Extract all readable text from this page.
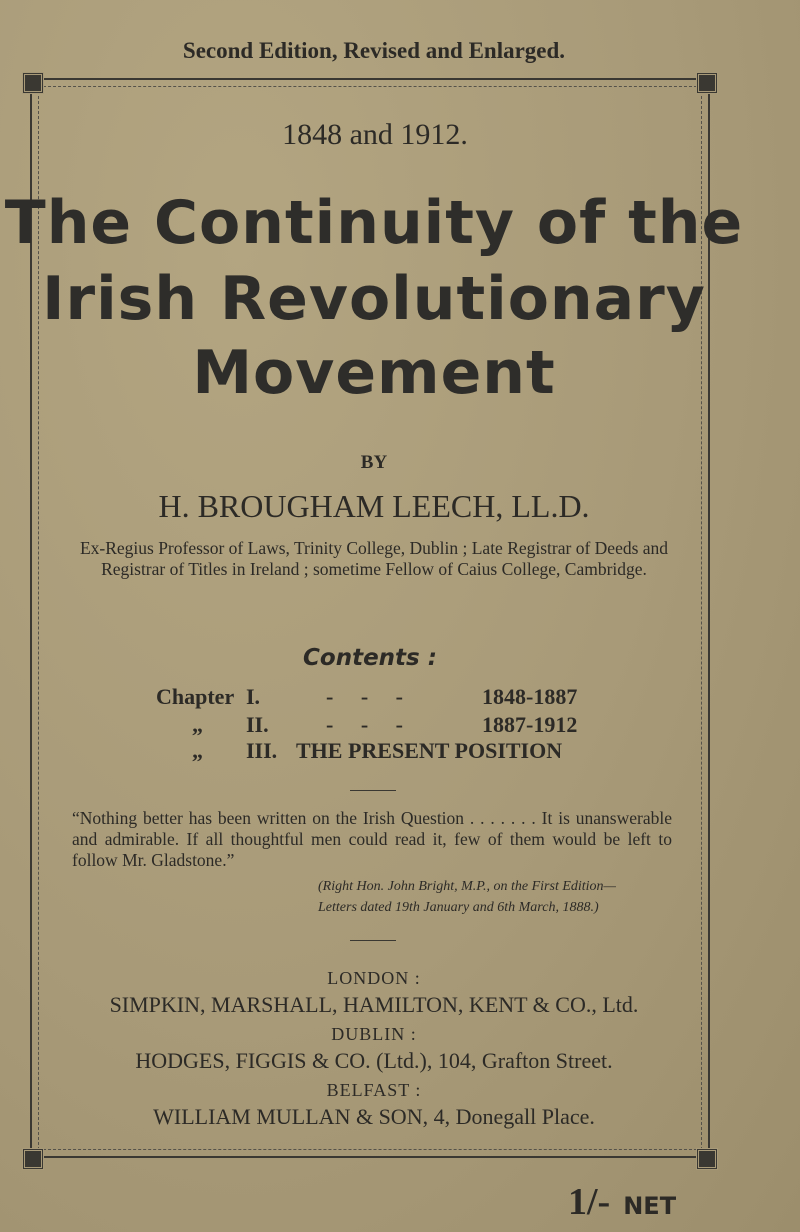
Second Edition, Revised and Enlarged.
1848 and 1912.
The Continuity of the
Irish Revolutionary
Movement
BY
H. BROUGHAM LEECH, LL.D.
Ex-Regius Professor of Laws, Trinity College, Dublin ; Late Registrar of Deeds and Registrar of Titles in Ireland ; sometime Fellow of Caius College, Cambridge.
Contents :
Chapter I.	-     -     -	1848-1887
„ II.	-     -     -	1887-1912
„ III. THE PRESENT POSITION
“Nothing better has been written on the Irish Question . . . . . . . It is unanswerable and admirable. If all thoughtful men could read it, few of them would be left to follow Mr. Gladstone.”
(Right Hon. John Bright, M.P., on the First Edition—
Letters dated 19th January and 6th March, 1888.)
LONDON :
SIMPKIN, MARSHALL, HAMILTON, KENT & CO., Ltd.
DUBLIN :
HODGES, FIGGIS & CO. (Ltd.), 104, Grafton Street.
BELFAST :
WILLIAM MULLAN & SON, 4, Donegall Place.
1/- NET
